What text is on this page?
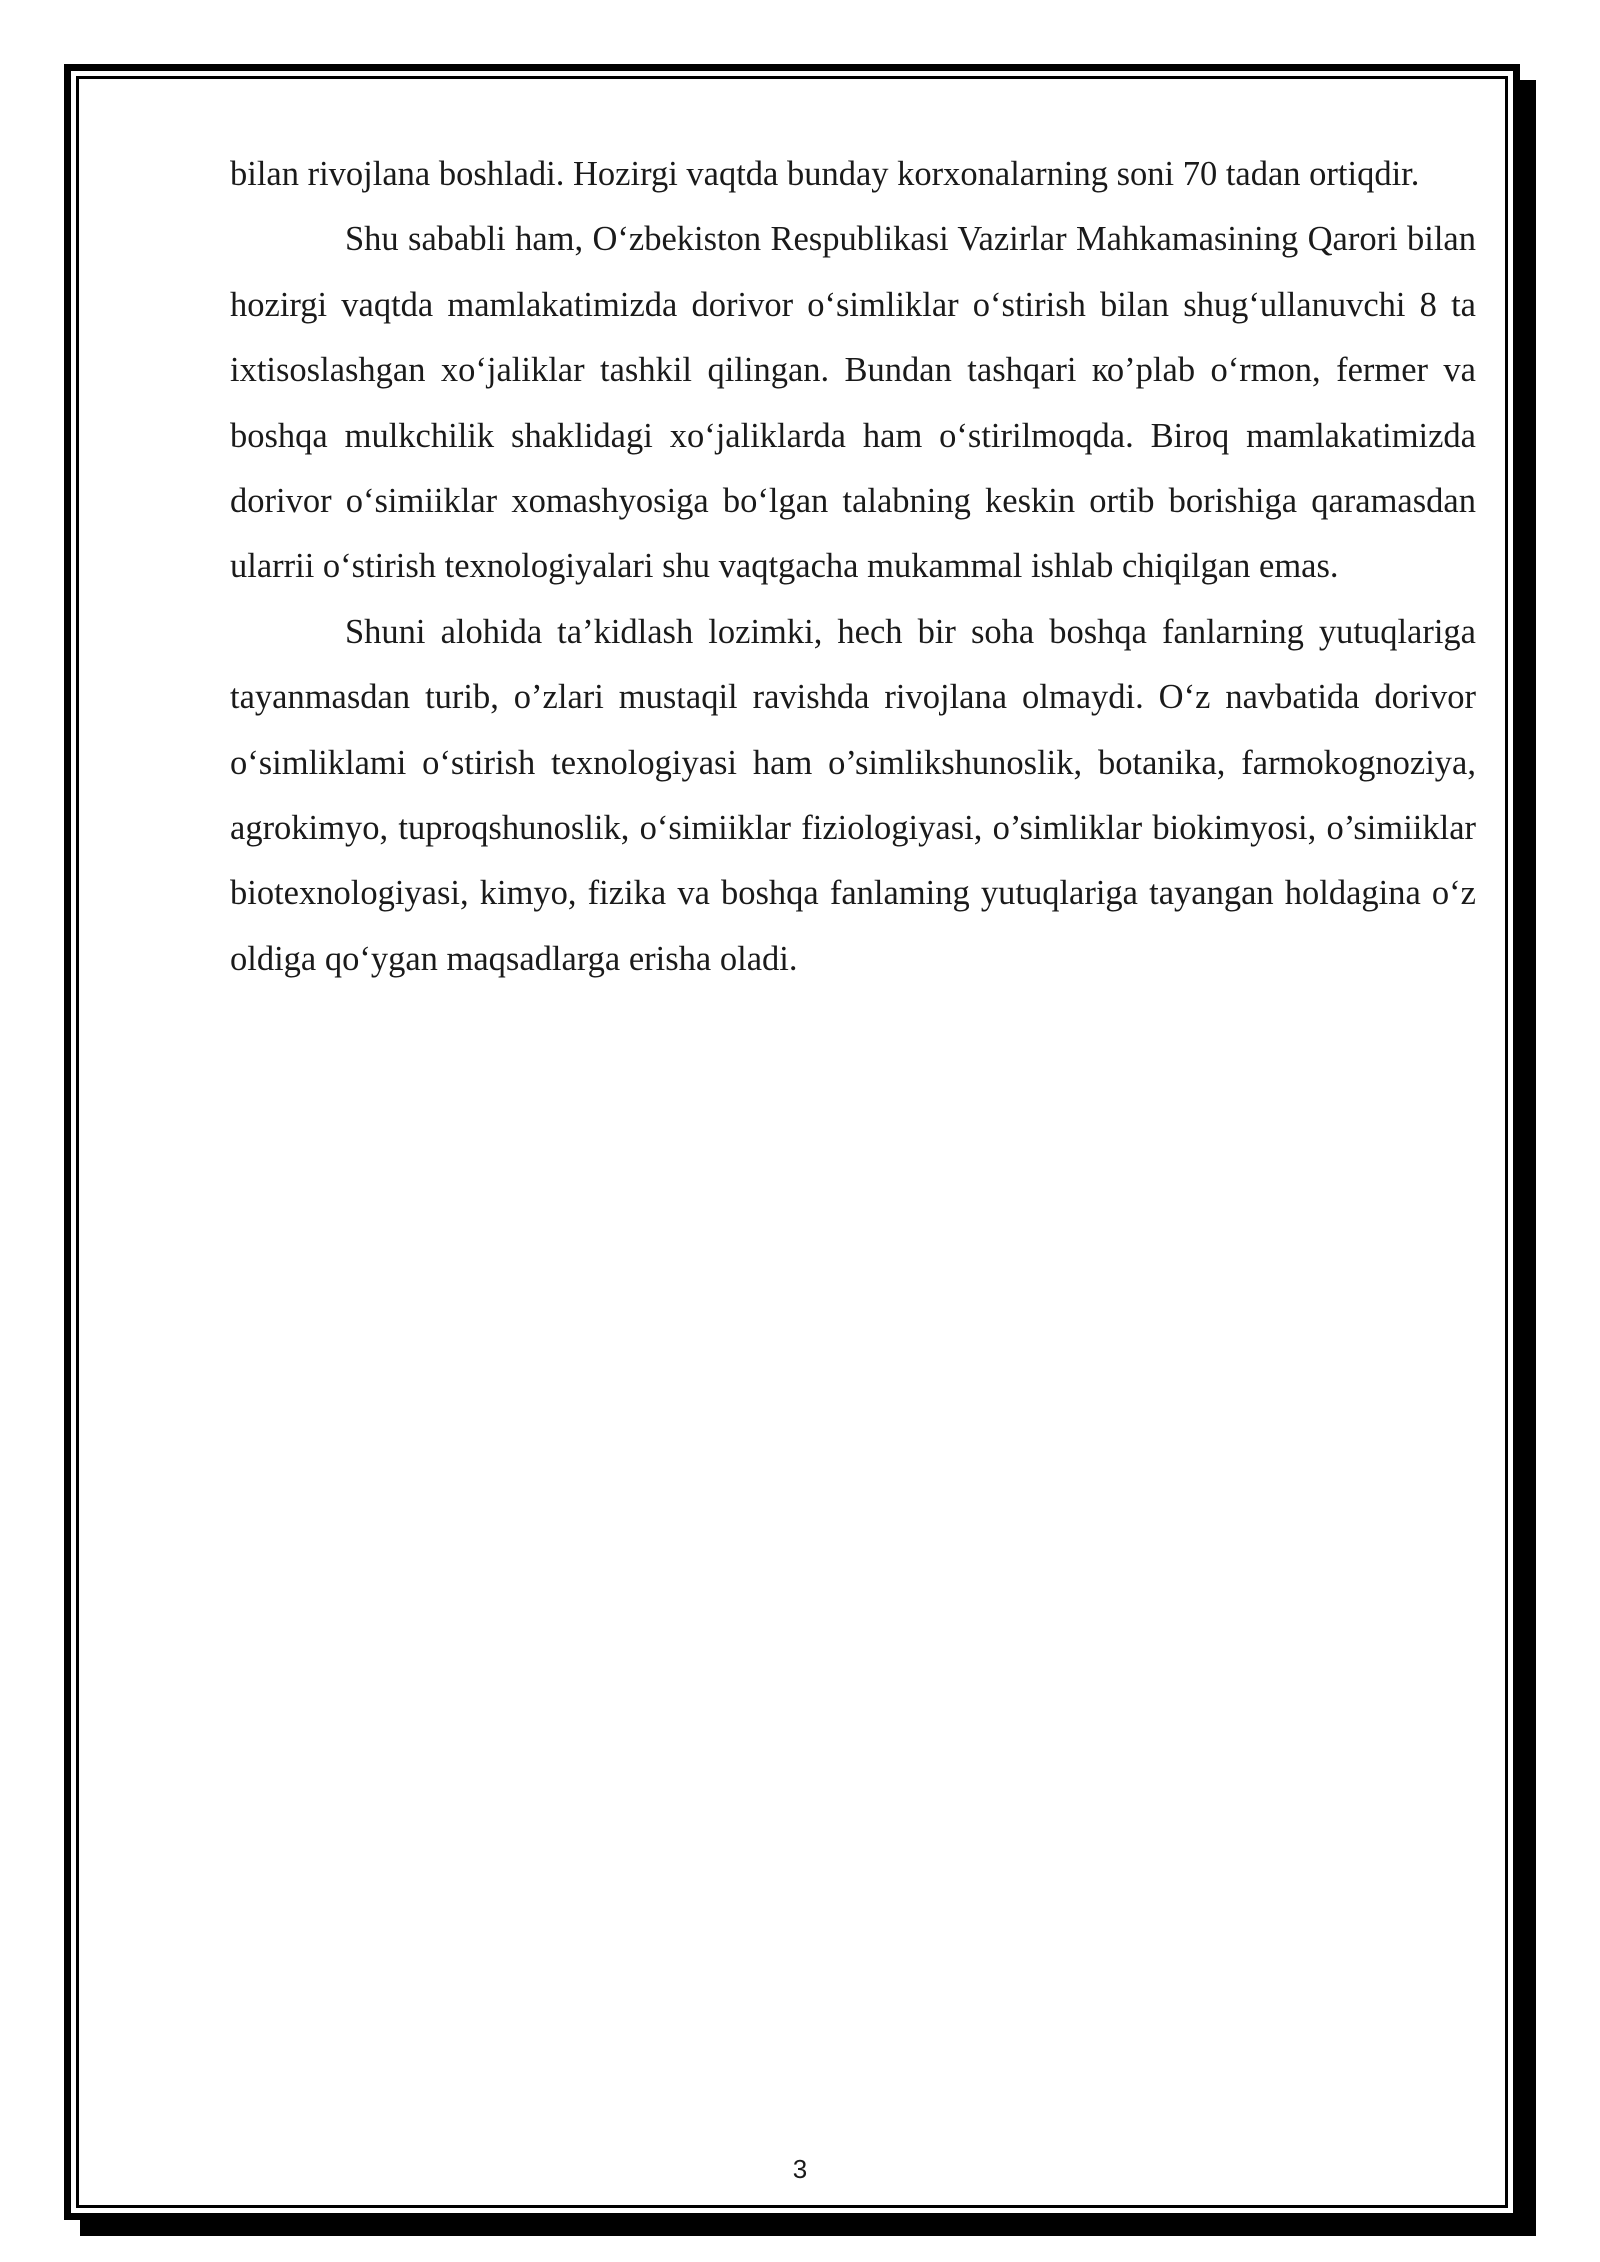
bilan rivojlana boshladi. Hozirgi vaqtda bunday korxonalarning soni 70 tadan ortiqdir.

Shu sababli ham, O‘zbekiston Respublikasi Vazirlar Mahkamasining Qarori bilan hozirgi vaqtda mamlakatimizda dorivor o‘simliklar o‘stirish bilan shug‘ullanuvchi 8 ta ixtisoslashgan xo‘jaliklar tashkil qilingan. Bundan tashqari ко’plab o‘rmon, fermer va boshqa mulkchilik shaklidagi xo‘jaliklarda ham o‘stirilmoqda. Biroq mamlakatimizda dorivor o‘simiiklar xomashyosiga bo‘lgan talabning keskin ortib borishiga qaramasdan ularrii o‘stirish texnologiyalari shu vaqtgacha mukammal ishlab chiqilgan emas.

Shuni alohida ta’kidlash lozimki, hech bir soha boshqa fanlarning yutuqlariga tayanmasdan turib, o’zlari mustaqil ravishda rivojlana olmaydi. O‘z navbatida dorivor o‘simliklami o‘stirish texnologiyasi ham o’simlikshunoslik, botanika, farmokognoziya, agrokimyo, tuproqshunoslik, o‘simiiklar fiziologiyasi, o’simliklar biokimyosi, o’simiiklar biotexnologiyasi, kimyo, fizika va boshqa fanlaming yutuqlariga tayangan holdagina o‘z oldiga qo‘ygan maqsadlarga erisha oladi.

3
